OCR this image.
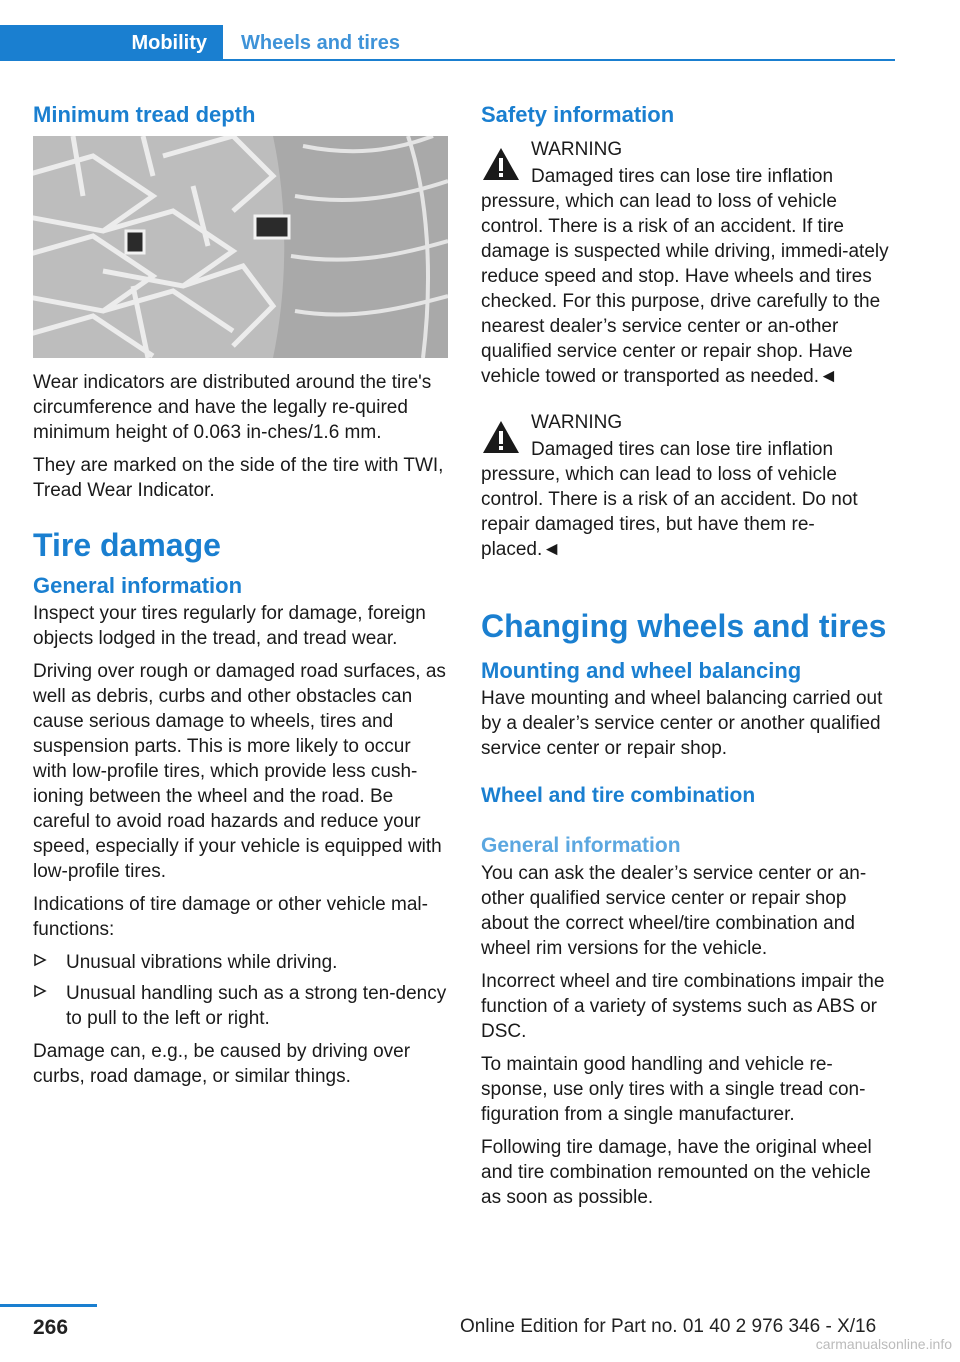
Mobility	Wheels and tires
Minimum tread depth

Wear indicators are distributed around the tire's circumference and have the legally re-quired minimum height of 0.063 in-ches/1.6 mm.

They are marked on the side of the tire with TWI, Tread Wear Indicator.

Tire damage
General information

Inspect your tires regularly for damage, foreign objects lodged in the tread, and tread wear.

Driving over rough or damaged road surfaces, as well as debris, curbs and other obstacles can cause serious damage to wheels, tires and suspension parts. This is more likely to occur with low-profile tires, which provide less cush-ioning between the wheel and the road. Be careful to avoid road hazards and reduce your speed, especially if your vehicle is equipped with low-profile tires.

Indications of tire damage or other vehicle mal-functions:

Unusual vibrations while driving.
Unusual handling such as a strong ten-dency to pull to the left or right.

Damage can, e.g., be caused by driving over curbs, road damage, or similar things.

Safety information

WARNING

Damaged tires can lose tire inflation pressure, which can lead to loss of vehicle control. There is a risk of an accident. If tire damage is suspected while driving, immedi-ately reduce speed and stop. Have wheels and tires checked. For this purpose, drive carefully to the nearest dealer’s service center or an-other qualified service center or repair shop. Have vehicle towed or transported as needed.◄

WARNING

Damaged tires can lose tire inflation pressure, which can lead to loss of vehicle control. There is a risk of an accident. Do not repair damaged tires, but have them re-placed.◄

Changing wheels and tires
Mounting and wheel balancing

Have mounting and wheel balancing carried out by a dealer’s service center or another qualified service center or repair shop.

Wheel and tire combination
General information

You can ask the dealer’s service center or an-other qualified service center or repair shop about the correct wheel/tire combination and wheel rim versions for the vehicle.

Incorrect wheel and tire combinations impair the function of a variety of systems such as ABS or DSC.

To maintain good handling and vehicle re-sponse, use only tires with a single tread con-figuration from a single manufacturer.

Following tire damage, have the original wheel and tire combination remounted on the vehicle as soon as possible.

266	Online Edition for Part no. 01 40 2 976 346 - X/16
carmanualsonline.info
